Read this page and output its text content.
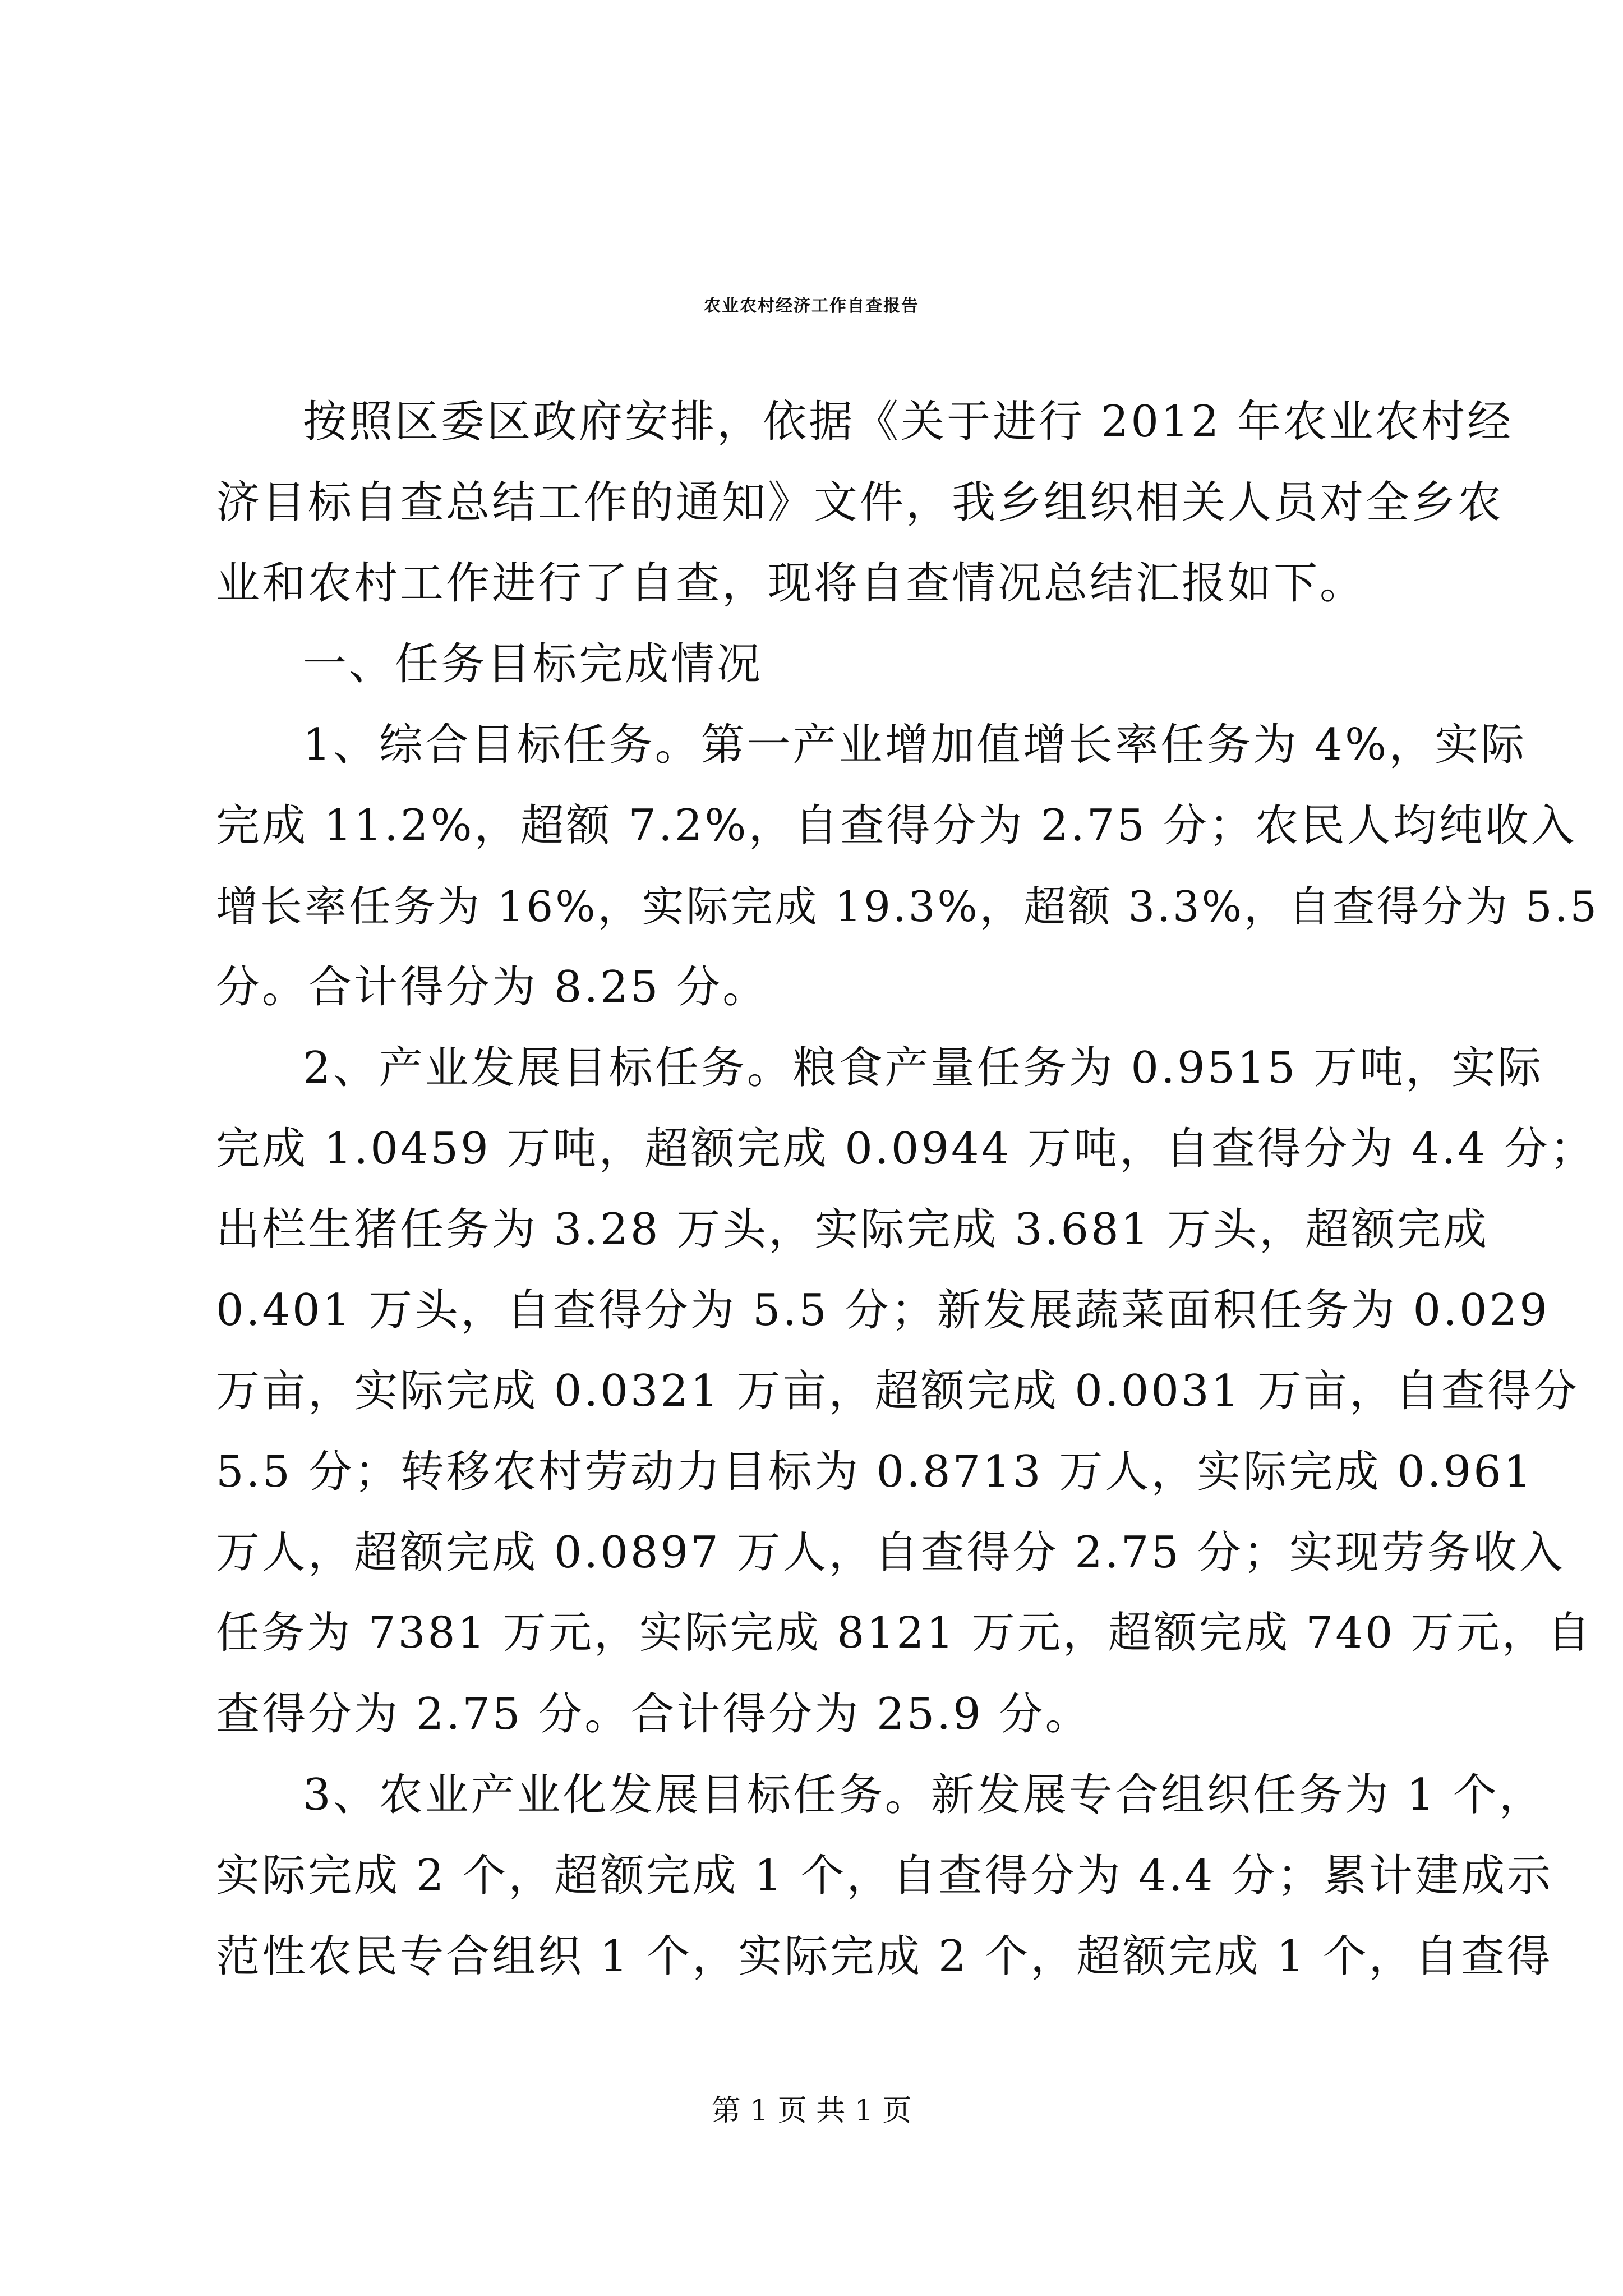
农业农村经济工作自查报告
按照区委区政府安排，依据《关于进行 2012 年农业农村经
济目标自查总结工作的通知》文件，我乡组织相关人员对全乡农
业和农村工作进行了自查，现将自查情况总结汇报如下。
一、任务目标完成情况
1、综合目标任务。第一产业增加值增长率任务为 4%，实际
完成 11.2%，超额 7.2%，自查得分为 2.75 分；农民人均纯收入
增长率任务为 16%，实际完成 19.3%，超额 3.3%，自查得分为 5.5
分。合计得分为 8.25 分。
2、产业发展目标任务。粮食产量任务为 0.9515 万吨，实际
完成 1.0459 万吨，超额完成 0.0944 万吨，自查得分为 4.4 分；
出栏生猪任务为 3.28 万头，实际完成 3.681 万头，超额完成
0.401 万头，自查得分为 5.5 分；新发展蔬菜面积任务为 0.029
万亩，实际完成 0.0321 万亩，超额完成 0.0031 万亩，自查得分
5.5 分；转移农村劳动力目标为 0.8713 万人，实际完成 0.961
万人，超额完成 0.0897 万人，自查得分 2.75 分；实现劳务收入
任务为 7381 万元，实际完成 8121 万元，超额完成 740 万元，自
查得分为 2.75 分。合计得分为 25.9 分。
3、农业产业化发展目标任务。新发展专合组织任务为 1 个，
实际完成 2 个，超额完成 1 个，自查得分为 4.4 分；累计建成示
范性农民专合组织 1 个，实际完成 2 个，超额完成 1 个，自查得
第 1 页 共 1 页
